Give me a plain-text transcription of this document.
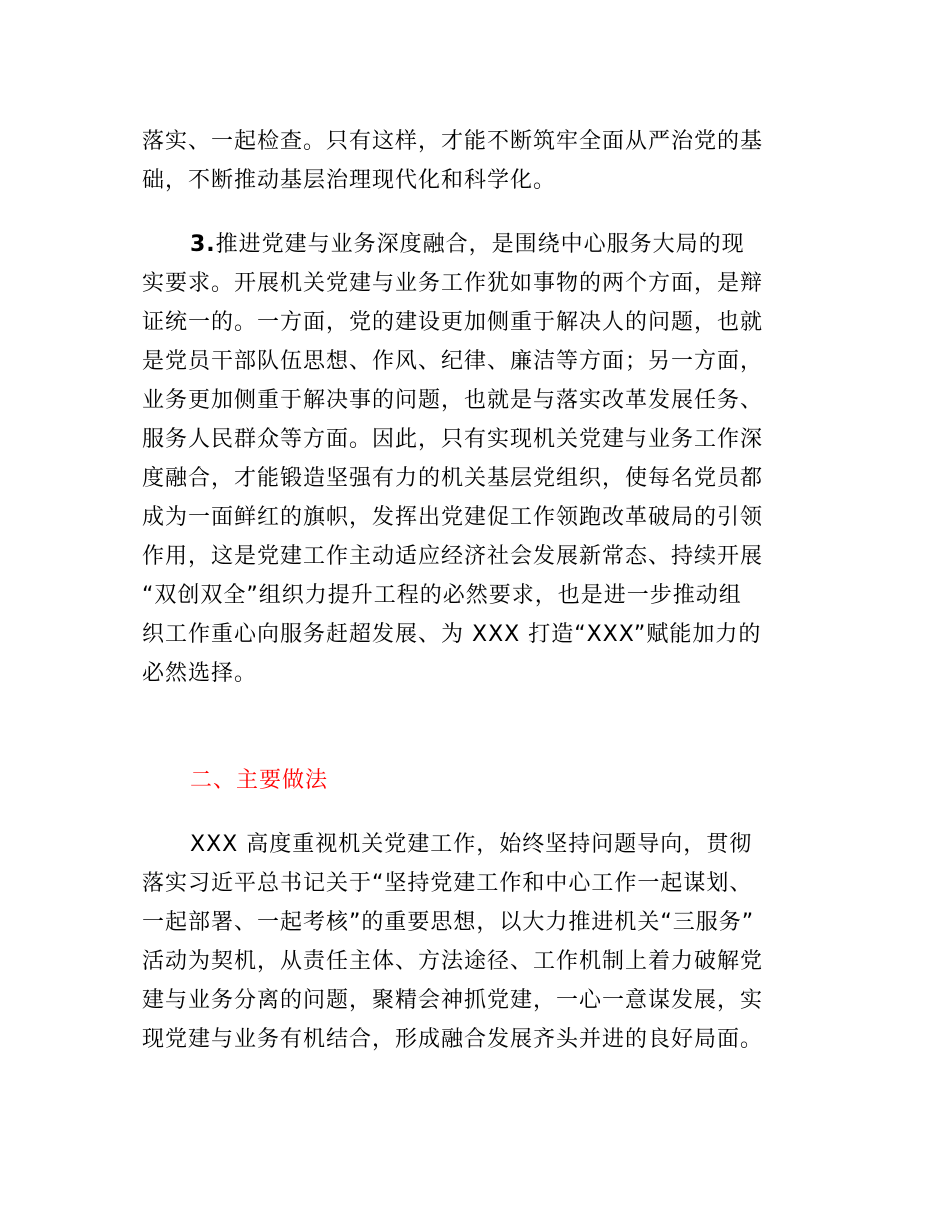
落实、一起检查。只有这样，才能不断筑牢全面从严治党的基
础，不断推动基层治理现代化和科学化。
3.推进党建与业务深度融合，是围绕中心服务大局的现
实要求。开展机关党建与业务工作犹如事物的两个方面，是辩
证统一的。一方面，党的建设更加侧重于解决人的问题，也就
是党员干部队伍思想、作风、纪律、廉洁等方面；另一方面，
业务更加侧重于解决事的问题，也就是与落实改革发展任务、
服务人民群众等方面。因此，只有实现机关党建与业务工作深
度融合，才能锻造坚强有力的机关基层党组织，使每名党员都
成为一面鲜红的旗帜，发挥出党建促工作领跑改革破局的引领
作用，这是党建工作主动适应经济社会发展新常态、持续开展
“双创双全”组织力提升工程的必然要求，也是进一步推动组
织工作重心向服务赶超发展、为 XXX 打造“XXX”赋能加力的
必然选择。
二、主要做法
XXX 高度重视机关党建工作，始终坚持问题导向，贯彻
落实习近平总书记关于“坚持党建工作和中心工作一起谋划、
一起部署、一起考核”的重要思想，以大力推进机关“三服务”
活动为契机，从责任主体、方法途径、工作机制上着力破解党
建与业务分离的问题，聚精会神抓党建，一心一意谋发展，实
现党建与业务有机结合，形成融合发展齐头并进的良好局面。
